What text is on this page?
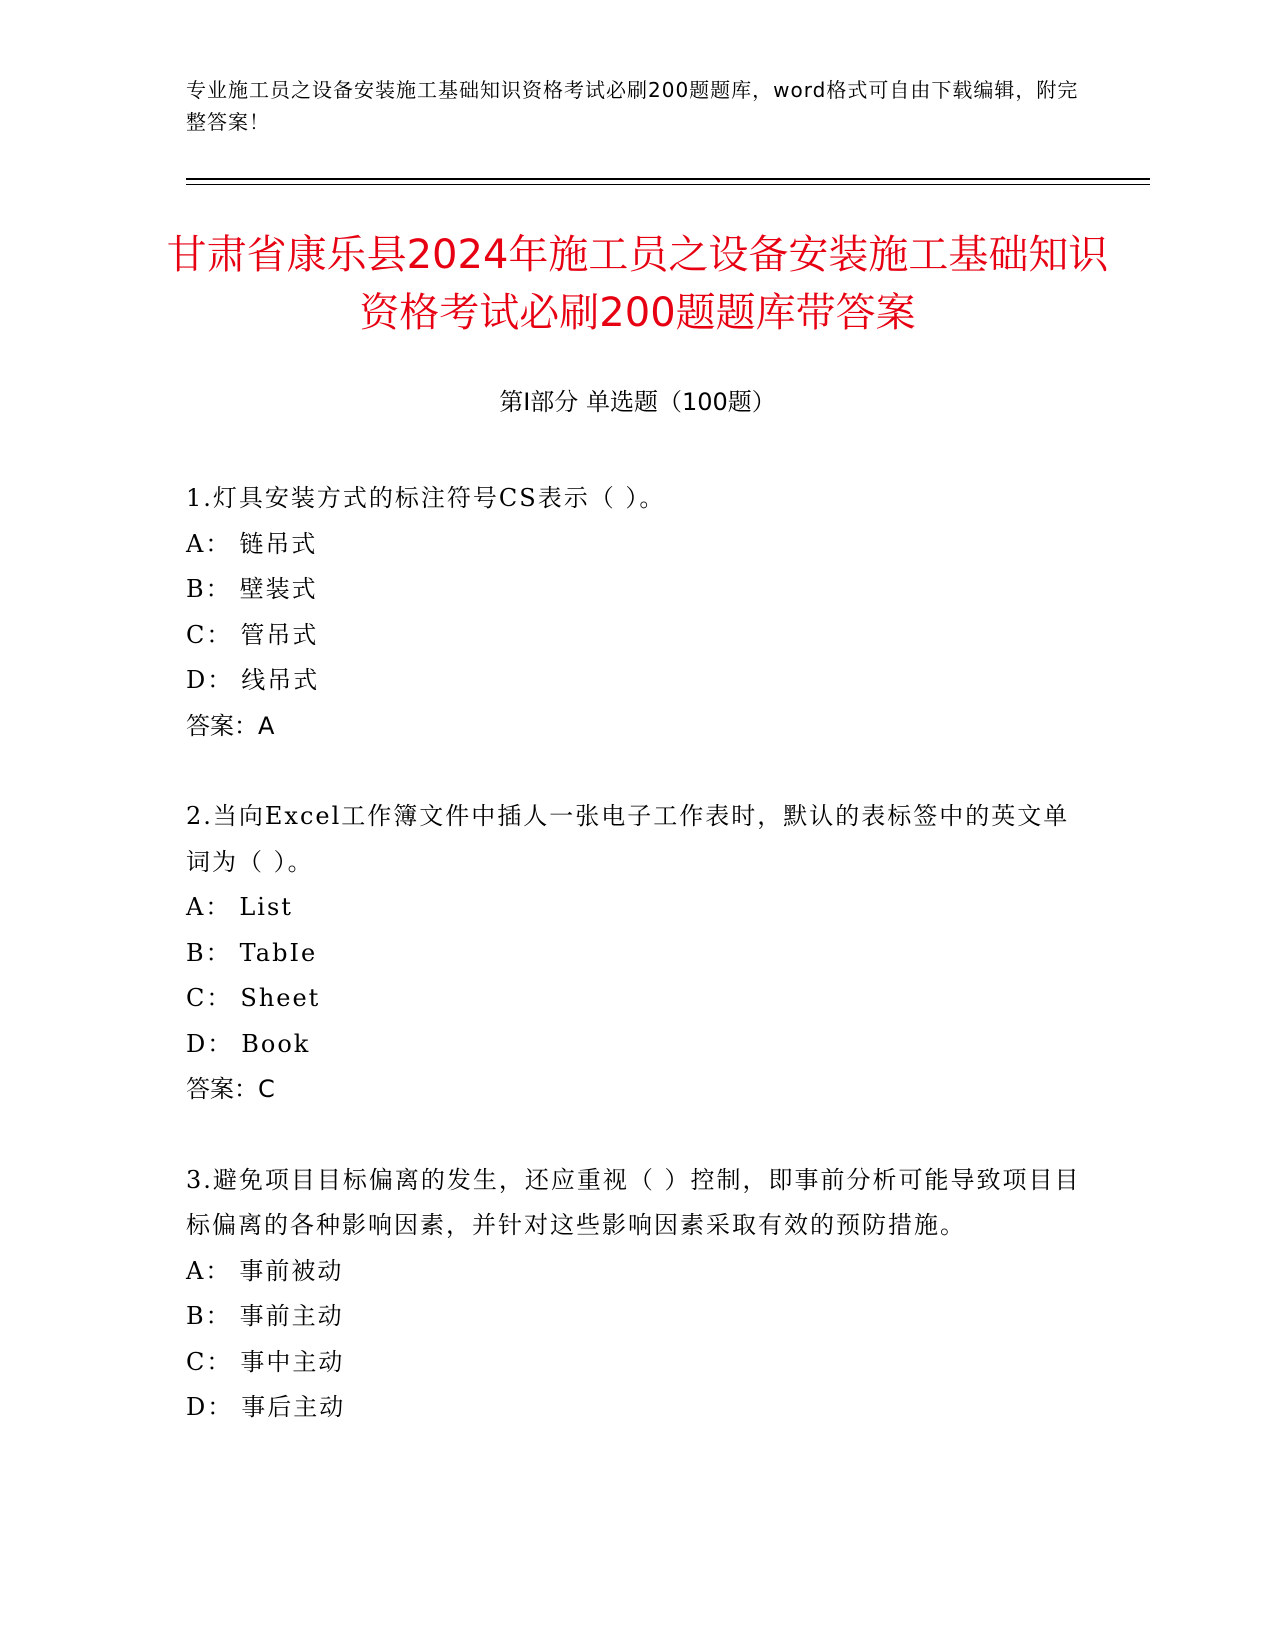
专业施工员之设备安装施工基础知识资格考试必刷200题题库，word格式可自由下载编辑，附完整答案！
甘肃省康乐县2024年施工员之设备安装施工基础知识资格考试必刷200题题库带答案
第Ⅰ部分 单选题（100题）
1.灯具安装方式的标注符号CS表示（ ）。
A： 链吊式
B： 壁装式
C： 管吊式
D： 线吊式
答案：A
2.当向Excel工作簿文件中插人一张电子工作表时，默认的表标签中的英文单词为（ ）。
A： List
B： TabIe
C： Sheet
D： Book
答案：C
3.避免项目目标偏离的发生，还应重视（ ）控制，即事前分析可能导致项目目标偏离的各种影响因素，并针对这些影响因素采取有效的预防措施。
A： 事前被动
B： 事前主动
C： 事中主动
D： 事后主动
